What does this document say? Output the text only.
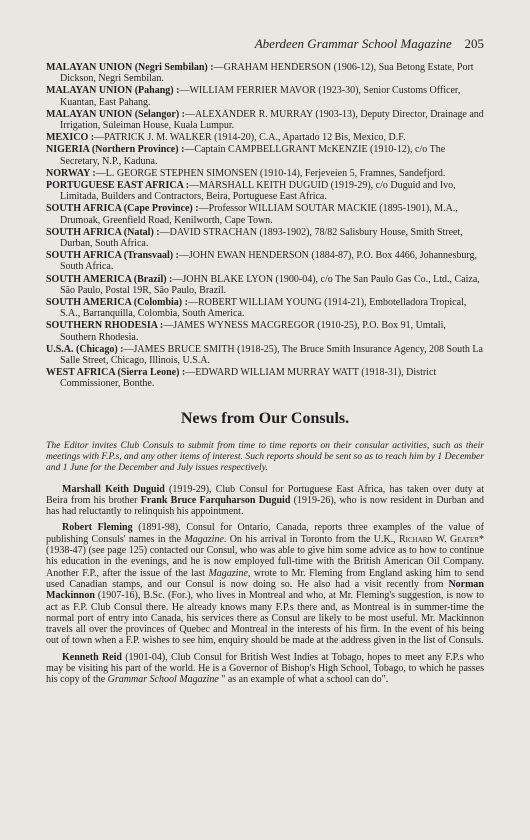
Aberdeen Grammar School Magazine 205

MALAYAN UNION (Negri Sembilan) :—GRAHAM HENDERSON (1906-12), Sua Betong Estate, Port Dickson, Negri Sembilan.

MALAYAN UNION (Pahang) :—WILLIAM FERRIER MAVOR (1923-30), Senior Customs Officer, Kuantan, East Pahang.

MALAYAN UNION (Selangor) :—ALEXANDER R. MURRAY (1903-13), Deputy Director, Drainage and Irrigation, Suleiman House, Kuala Lumpur.

MEXICO :—PATRICK J. M. WALKER (1914-20), C.A., Apartado 12 Bis, Mexico, D.F.

NIGERIA (Northern Province) :—Captain CAMPBELLGRANT McKENZIE (1910-12), c/o The Secretary, N.P., Kaduna.

NORWAY :—L. GEORGE STEPHEN SIMONSEN (1910-14), Ferjeveien 5, Framnes, Sandefjord.

PORTUGUESE EAST AFRICA :—MARSHALL KEITH DUGUID (1919-29), c/o Duguid and Ivo, Limitada, Builders and Contractors, Beira, Portuguese East Africa.

SOUTH AFRICA (Cape Province) :—Professor WILLIAM SOUTAR MACKIE (1895-1901), M.A., Drumoak, Greenfield Road, Kenilworth, Cape Town.

SOUTH AFRICA (Natal) :—DAVID STRACHAN (1893-1902), 78/82 Salisbury House, Smith Street, Durban, South Africa.

SOUTH AFRICA (Transvaal) :—JOHN EWAN HENDERSON (1884-87), P.O. Box 4466, Johannesburg, South Africa.

SOUTH AMERICA (Brazil) :—JOHN BLAKE LYON (1900-04), c/o The San Paulo Gas Co., Ltd., Caiza, São Paulo, Postal 19R, São Paulo, Brazil.

SOUTH AMERICA (Colombia) :—ROBERT WILLIAM YOUNG (1914-21), Embotelladora Tropical, S.A., Barranquilla, Colombia, South America.

SOUTHERN RHODESIA :—JAMES WYNESS MACGREGOR (1910-25), P.O. Box 91, Umtali, Southern Rhodesia.

U.S.A. (Chicago) :—JAMES BRUCE SMITH (1918-25), The Bruce Smith Insurance Agency, 208 South La Salle Street, Chicago, Illinois, U.S.A.

WEST AFRICA (Sierra Leone) :—EDWARD WILLIAM MURRAY WATT (1918-31), District Commissioner, Bonthe.

News from Our Consuls.

The Editor invites Club Consuls to submit from time to time reports on their consular activities, such as their meetings with F.P.s, and any other items of interest. Such reports should be sent so as to reach him by 1 December and 1 June for the December and July issues respectively.

Marshall Keith Duguid (1919-29), Club Consul for Portuguese East Africa, has taken over duty at Beira from his brother Frank Bruce Farquharson Duguid (1919-26), who is now resident in Durban and has had reluctantly to relinquish his appointment.

Robert Fleming (1891-98), Consul for Ontario, Canada, reports three examples of the value of publishing Consuls' names in the Magazine. On his arrival in Toronto from the U.K., Richard W. Geater* (1938-47) (see page 125) contacted our Consul, who was able to give him some advice as to how to continue his education in the evenings, and he is now employed full-time with the British American Oil Company. Another F.P., after the issue of the last Magazine, wrote to Mr. Fleming from England asking him to send used Canadian stamps, and our Consul is now doing so. He also had a visit recently from Norman Mackinnon (1907-16), B.Sc. (For.), who lives in Montreal and who, at Mr. Fleming's suggestion, is now to act as F.P. Club Consul there. He already knows many F.P.s there and, as Montreal is in summer-time the normal port of entry into Canada, his services there as Consul are likely to be most useful. Mr. Mackinnon travels all over the provinces of Quebec and Montreal in the interests of his firm. In the event of his being out of town when a F.P. wishes to see him, enquiry should be made at the address given in the list of Consuls.

Kenneth Reid (1901-04), Club Consul for British West Indies at Tobago, hopes to meet any F.P.s who may be visiting his part of the world. He is a Governor of Bishop's High School, Tobago, to which he passes his copy of the Grammar School Magazine " as an example of what a school can do".
